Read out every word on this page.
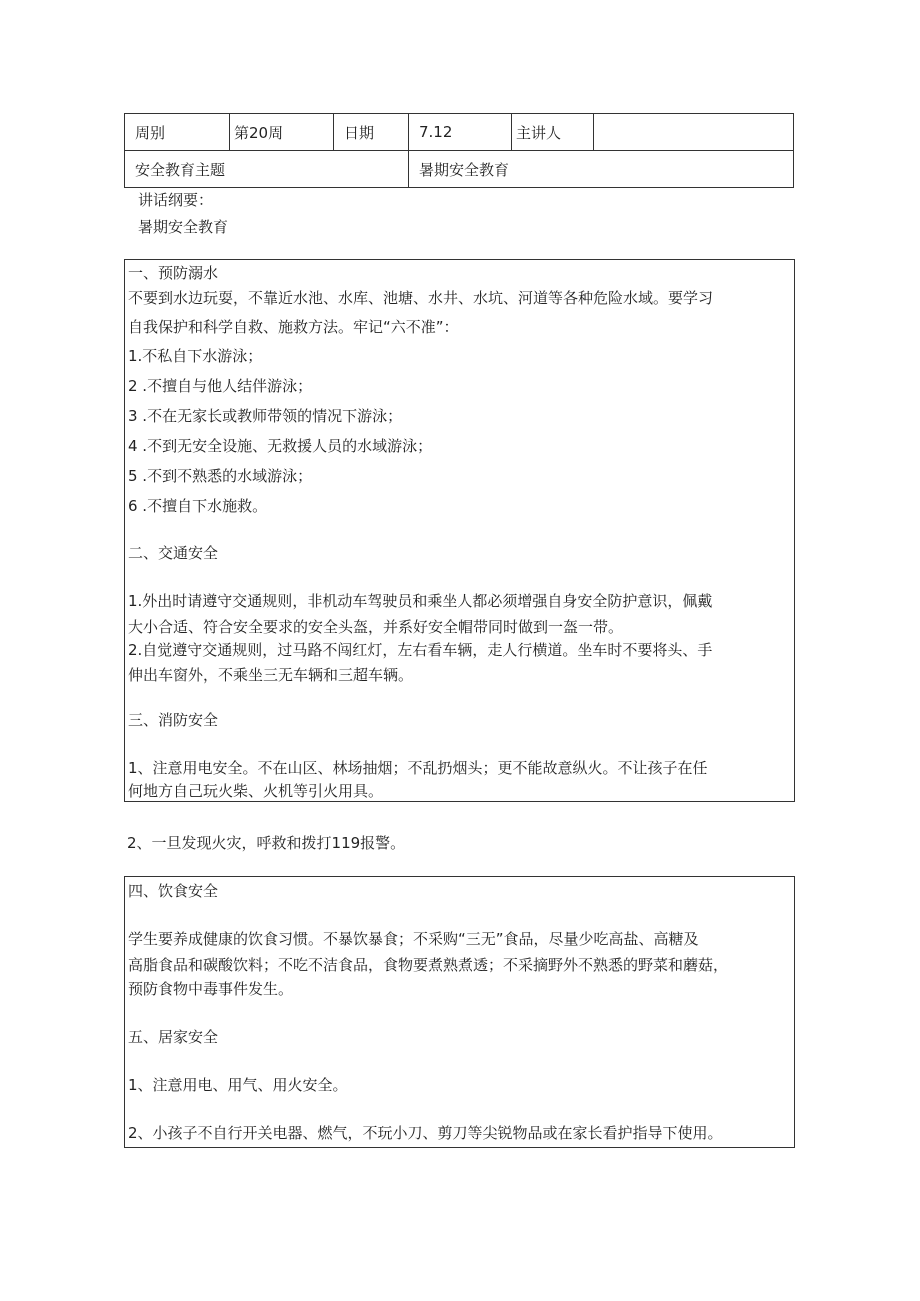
周别	第20周	日期	7.12	主讲人	
安全教育主题			暑期安全教育		
讲话纲要：
暑期安全教育
一、预防溺水
不要到水边玩耍，不靠近水池、水库、池塘、水井、水坑、河道等各种危险水域。要学习
自我保护和科学自救、施救方法。牢记“六不准”：
1.不私自下水游泳；
2 .不擅自与他人结伴游泳；
3 .不在无家长或教师带领的情况下游泳；
4 .不到无安全设施、无救援人员的水域游泳；
5 .不到不熟悉的水域游泳；
6 .不擅自下水施救。
二、交通安全
1.外出时请遵守交通规则，非机动车驾驶员和乘坐人都必须增强自身安全防护意识，佩戴
大小合适、符合安全要求的安全头盔，并系好安全帽带同时做到一盔一带。
2.自觉遵守交通规则，过马路不闯红灯，左右看车辆，走人行横道。坐车时不要将头、手
伸出车窗外，不乘坐三无车辆和三超车辆。
三、消防安全
1、注意用电安全。不在山区、林场抽烟；不乱扔烟头；更不能故意纵火。不让孩子在任
何地方自己玩火柴、火机等引火用具。
2、一旦发现火灾，呼救和拨打119报警。
四、饮食安全
学生要养成健康的饮食习惯。不暴饮暴食；不采购“三无”食品，尽量少吃高盐、高糖及
高脂食品和碳酸饮料；不吃不洁食品，食物要煮熟煮透；不采摘野外不熟悉的野菜和蘑菇，
预防食物中毒事件发生。
五、居家安全
1、注意用电、用气、用火安全。
2、小孩子不自行开关电器、燃气，不玩小刀、剪刀等尖锐物品或在家长看护指导下使用。
